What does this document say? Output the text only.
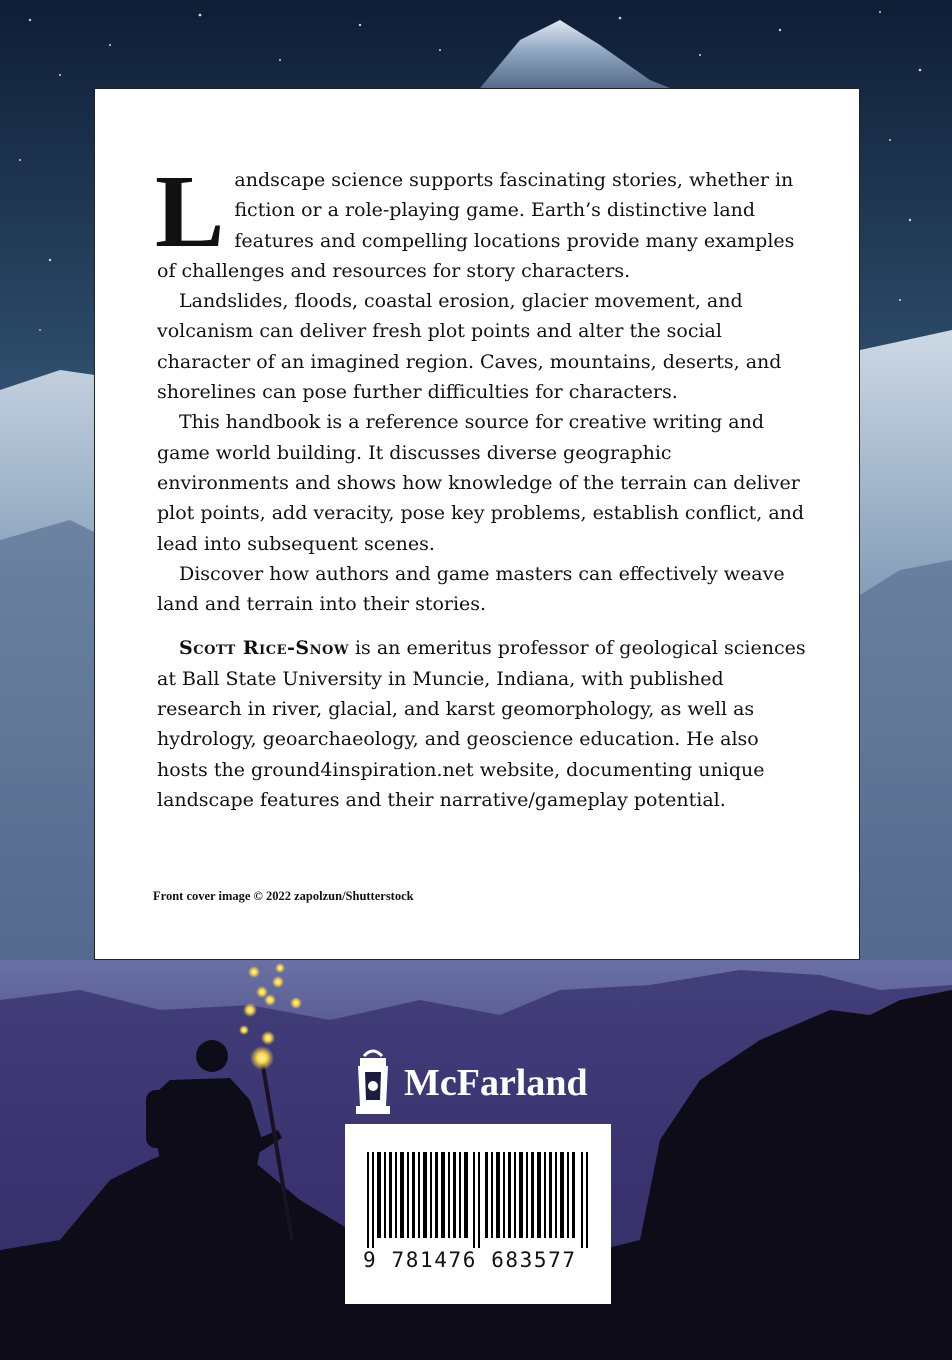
Landscape science supports fascinating stories, whether in fiction or a role-playing game. Earth’s distinctive land features and compelling locations provide many examples of challenges and resources for story characters.

Landslides, floods, coastal erosion, glacier movement, and volcanism can deliver fresh plot points and alter the social character of an imagined region. Caves, mountains, deserts, and shorelines can pose further difficulties for characters.

This handbook is a reference source for creative writing and game world building. It discusses diverse geographic environments and shows how knowledge of the terrain can deliver plot points, add veracity, pose key problems, establish conflict, and lead into subsequent scenes.

Discover how authors and game masters can effectively weave land and terrain into their stories.

Scott Rice-Snow is an emeritus professor of geological sciences at Ball State University in Muncie, Indiana, with published research in river, glacial, and karst geomorphology, as well as hydrology, geoarchaeology, and geoscience education. He also hosts the ground4inspiration.net website, documenting unique landscape features and their narrative/gameplay potential.

Front cover image © 2022 zapolzun/Shutterstock
McFarland
9 781476 683577
